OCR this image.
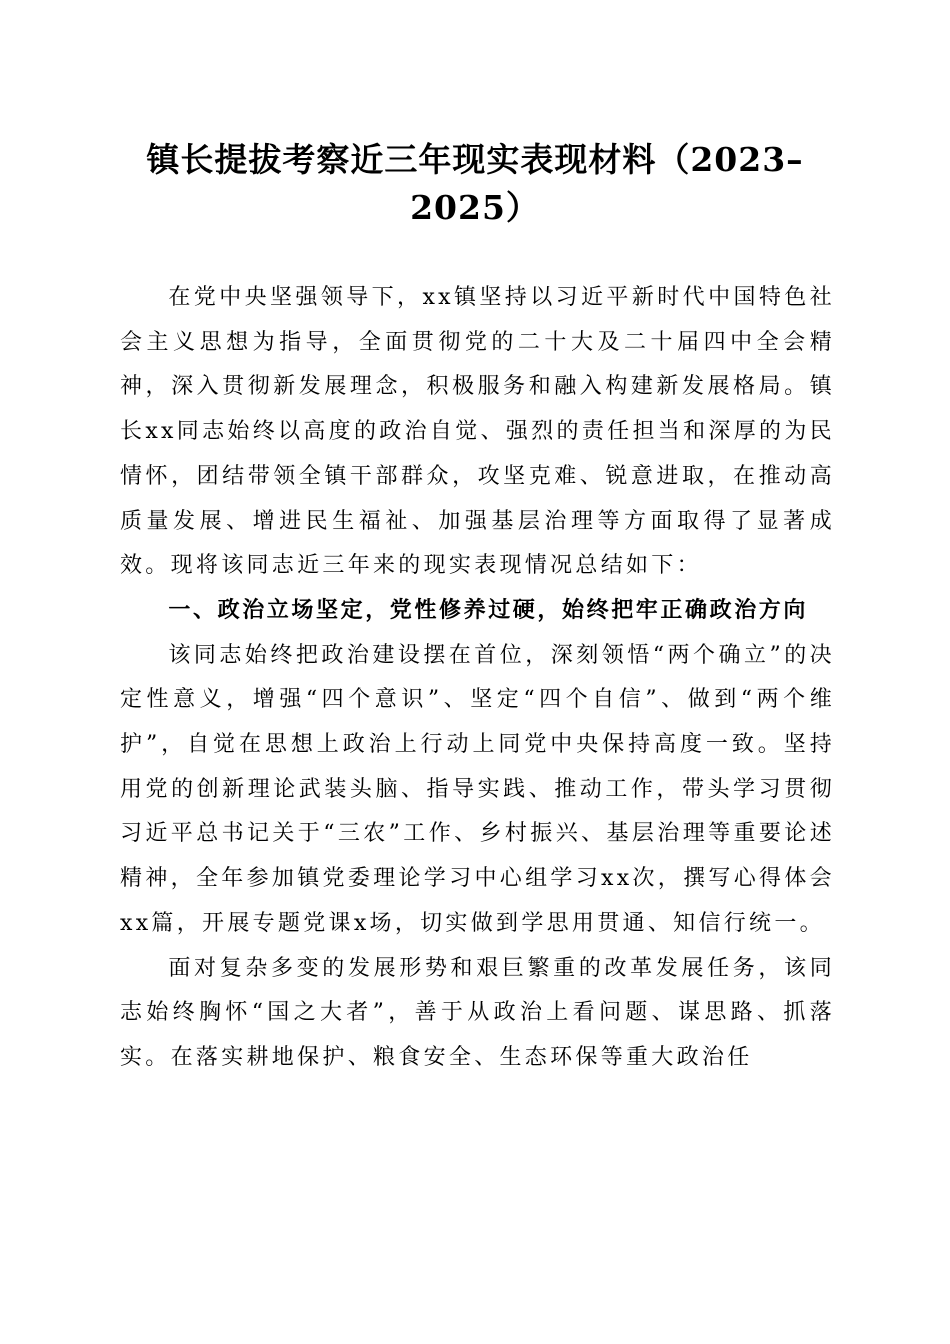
镇长提拔考察近三年现实表现材料（2023–2025）

在党中央坚强领导下，xx镇坚持以习近平新时代中国特色社会主义思想为指导，全面贯彻党的二十大及二十届四中全会精神，深入贯彻新发展理念，积极服务和融入构建新发展格局。镇长xx同志始终以高度的政治自觉、强烈的责任担当和深厚的为民情怀，团结带领全镇干部群众，攻坚克难、锐意进取，在推动高质量发展、增进民生福祉、加强基层治理等方面取得了显著成效。现将该同志近三年来的现实表现情况总结如下：

一、政治立场坚定，党性修养过硬，始终把牢正确政治方向

该同志始终把政治建设摆在首位，深刻领悟“两个确立”的决定性意义，增强“四个意识”、坚定“四个自信”、做到“两个维护”，自觉在思想上政治上行动上同党中央保持高度一致。坚持用党的创新理论武装头脑、指导实践、推动工作，带头学习贯彻习近平总书记关于“三农”工作、乡村振兴、基层治理等重要论述精神，全年参加镇党委理论学习中心组学习xx次，撰写心得体会xx篇，开展专题党课x场，切实做到学思用贯通、知信行统一。

面对复杂多变的发展形势和艰巨繁重的改革发展任务，该同志始终胸怀“国之大者”，善于从政治上看问题、谋思路、抓落实。在落实耕地保护、粮食安全、生态环保等重大政治任
